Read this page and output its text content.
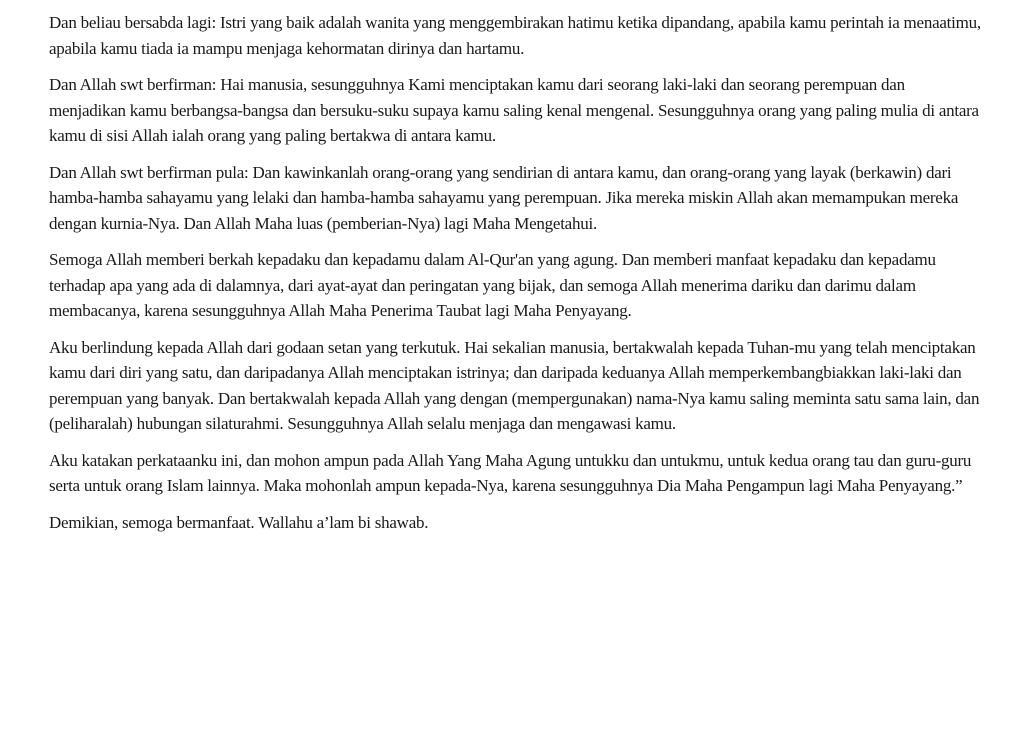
Dan beliau bersabda lagi: Istri yang baik adalah wanita yang menggembirakan hatimu ketika dipandang, apabila kamu perintah ia menaatimu, apabila kamu tiada ia mampu menjaga kehormatan dirinya dan hartamu.

Dan Allah swt berfirman: Hai manusia, sesungguhnya Kami menciptakan kamu dari seorang laki-laki dan seorang perempuan dan menjadikan kamu berbangsa-bangsa dan bersuku-suku supaya kamu saling kenal mengenal. Sesungguhnya orang yang paling mulia di antara kamu di sisi Allah ialah orang yang paling bertakwa di antara kamu.

Dan Allah swt berfirman pula: Dan kawinkanlah orang-orang yang sendirian di antara kamu, dan orang-orang yang layak (berkawin) dari hamba-hamba sahayamu yang lelaki dan hamba-hamba sahayamu yang perempuan. Jika mereka miskin Allah akan memampukan mereka dengan kurnia-Nya. Dan Allah Maha luas (pemberian-Nya) lagi Maha Mengetahui.

Semoga Allah memberi berkah kepadaku dan kepadamu dalam Al-Qur'an yang agung. Dan memberi manfaat kepadaku dan kepadamu terhadap apa yang ada di dalamnya, dari ayat-ayat dan peringatan yang bijak, dan semoga Allah menerima dariku dan darimu dalam membacanya, karena sesungguhnya Allah Maha Penerima Taubat lagi Maha Penyayang.

Aku berlindung kepada Allah dari godaan setan yang terkutuk. Hai sekalian manusia, bertakwalah kepada Tuhan-mu yang telah menciptakan kamu dari diri yang satu, dan daripadanya Allah menciptakan istrinya; dan daripada keduanya Allah memperkembangbiakkan laki-laki dan perempuan yang banyak. Dan bertakwalah kepada Allah yang dengan (mempergunakan) nama-Nya kamu saling meminta satu sama lain, dan (peliharalah) hubungan silaturahmi. Sesungguhnya Allah selalu menjaga dan mengawasi kamu.

Aku katakan perkataanku ini, dan mohon ampun pada Allah Yang Maha Agung untukku dan untukmu, untuk kedua orang tau dan guru-guru serta untuk orang Islam lainnya. Maka mohonlah ampun kepada-Nya, karena sesungguhnya Dia Maha Pengampun lagi Maha Penyayang.”

Demikian, semoga bermanfaat. Wallahu a’lam bi shawab.
